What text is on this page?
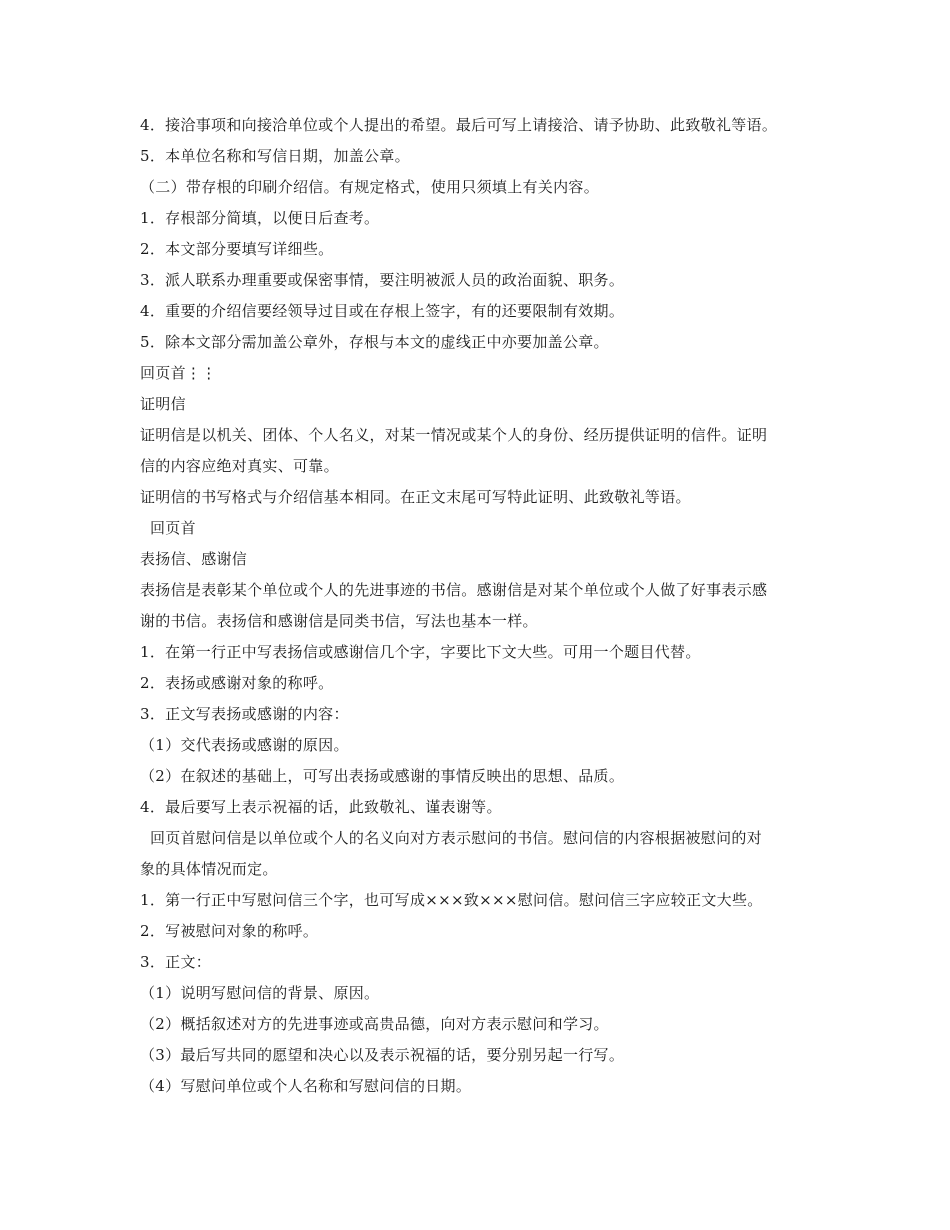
4．接洽事项和向接洽单位或个人提出的希望。最后可写上请接洽、请予协助、此致敬礼等语。
5．本单位名称和写信日期，加盖公章。
（二）带存根的印刷介绍信。有规定格式，使用只须填上有关内容。
1．存根部分简填，以便日后查考。
2．本文部分要填写详细些。
3．派人联系办理重要或保密事情，要注明被派人员的政治面貌、职务。
4．重要的介绍信要经领导过目或在存根上签字，有的还要限制有效期。
5．除本文部分需加盖公章外，存根与本文的虚线正中亦要加盖公章。
回页首⋮⋮
证明信
证明信是以机关、团体、个人名义，对某一情况或某个人的身份、经历提供证明的信件。证明
信的内容应绝对真实、可靠。
证明信的书写格式与介绍信基本相同。在正文末尾可写特此证明、此致敬礼等语。
回页首
表扬信、感谢信
表扬信是表彰某个单位或个人的先进事迹的书信。感谢信是对某个单位或个人做了好事表示感
谢的书信。表扬信和感谢信是同类书信，写法也基本一样。
1．在第一行正中写表扬信或感谢信几个字，字要比下文大些。可用一个题目代替。
2．表扬或感谢对象的称呼。
3．正文写表扬或感谢的内容：
（1）交代表扬或感谢的原因。
（2）在叙述的基础上，可写出表扬或感谢的事情反映出的思想、品质。
4．最后要写上表示祝福的话，此致敬礼、谨表谢等。
回页首慰问信是以单位或个人的名义向对方表示慰问的书信。慰问信的内容根据被慰问的对
象的具体情况而定。
1．第一行正中写慰问信三个字，也可写成×××致×××慰问信。慰问信三字应较正文大些。
2．写被慰问对象的称呼。
3．正文：
（1）说明写慰问信的背景、原因。
（2）概括叙述对方的先进事迹或高贵品德，向对方表示慰问和学习。
（3）最后写共同的愿望和决心以及表示祝福的话，要分别另起一行写。
（4）写慰问单位或个人名称和写慰问信的日期。
